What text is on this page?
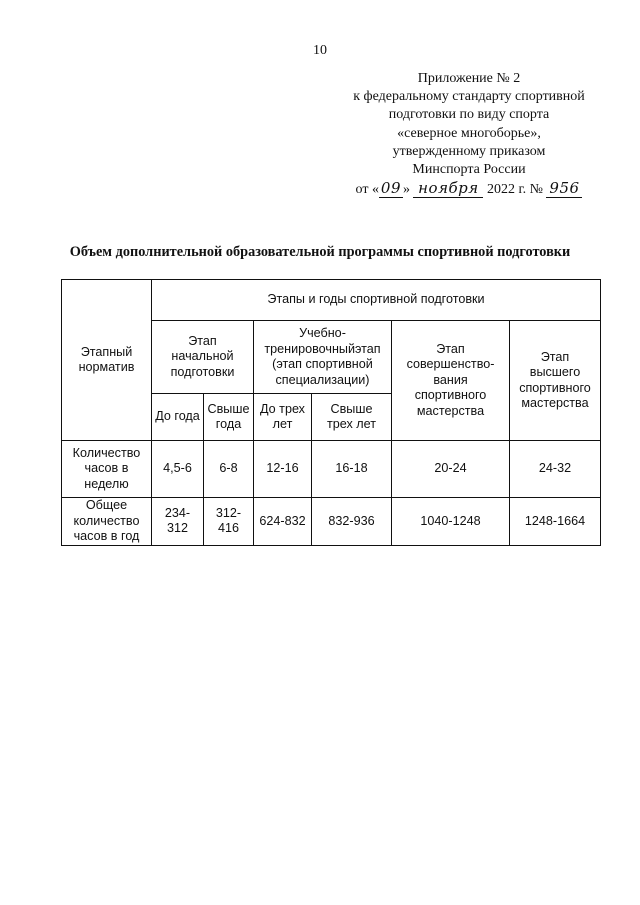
10
Приложение № 2
к федеральному стандарту спортивной
подготовки по виду спорта
«северное многоборье»,
утвержденному приказом
Минспорта России
от « 09 » ноября 2022 г. № 956
Объем дополнительной образовательной программы спортивной подготовки
Этапный норматив	Этапы и годы спортивной подготовки					
	Этап начальной подготовки		Учебно-тренировочныйэтап (этап спортивной специализации)		Этап совершенство-вания спортивного мастерства	Этап высшего спортивного мастерства
	До года	Свыше года	До трех лет	Свыше трех лет		
Количество часов в неделю	4,5-6	6-8	12-16	16-18	20-24	24-32
Общее количество часов в год	234-312	312-416	624-832	832-936	1040-1248	1248-1664
